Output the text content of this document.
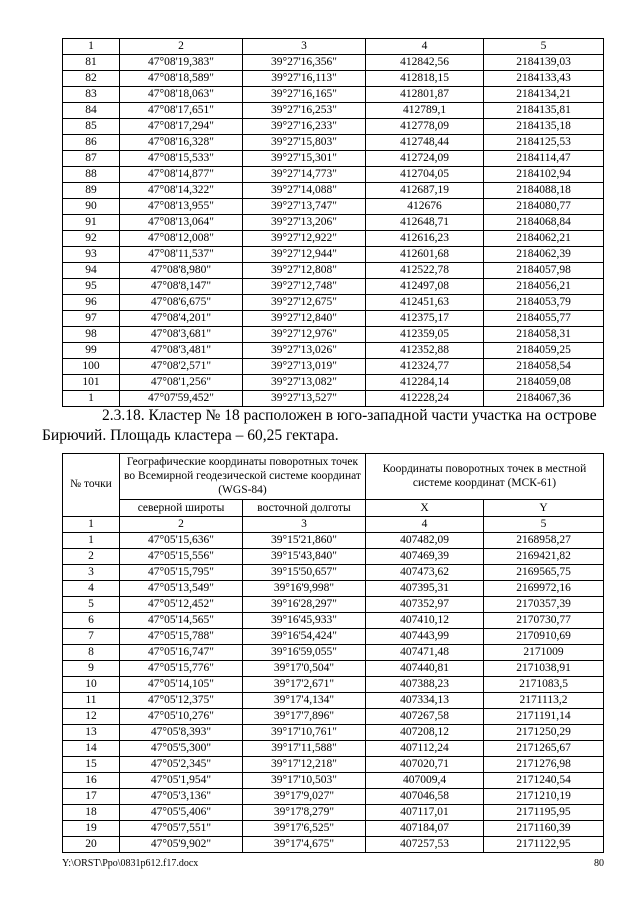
1	2	3	4	5
81	47°08'19,383"	39°27'16,356"	412842,56	2184139,03
82	47°08'18,589"	39°27'16,113"	412818,15	2184133,43
83	47°08'18,063"	39°27'16,165"	412801,87	2184134,21
84	47°08'17,651"	39°27'16,253"	412789,1	2184135,81
85	47°08'17,294"	39°27'16,233"	412778,09	2184135,18
86	47°08'16,328"	39°27'15,803"	412748,44	2184125,53
87	47°08'15,533"	39°27'15,301"	412724,09	2184114,47
88	47°08'14,877"	39°27'14,773"	412704,05	2184102,94
89	47°08'14,322"	39°27'14,088"	412687,19	2184088,18
90	47°08'13,955"	39°27'13,747"	412676	2184080,77
91	47°08'13,064"	39°27'13,206"	412648,71	2184068,84
92	47°08'12,008"	39°27'12,922"	412616,23	2184062,21
93	47°08'11,537"	39°27'12,944"	412601,68	2184062,39
94	47°08'8,980"	39°27'12,808"	412522,78	2184057,98
95	47°08'8,147"	39°27'12,748"	412497,08	2184056,21
96	47°08'6,675"	39°27'12,675"	412451,63	2184053,79
97	47°08'4,201"	39°27'12,840"	412375,17	2184055,77
98	47°08'3,681"	39°27'12,976"	412359,05	2184058,31
99	47°08'3,481"	39°27'13,026"	412352,88	2184059,25
100	47°08'2,571"	39°27'13,019"	412324,77	2184058,54
101	47°08'1,256"	39°27'13,082"	412284,14	2184059,08
1	47°07'59,452"	39°27'13,527"	412228,24	2184067,36
2.3.18. Кластер № 18 расположен в юго-западной части участка на острове
Бирючий. Площадь кластера – 60,25 гектара.
№ точки	Географические координаты поворотных точек во Всемирной геодезической системе координат (WGS-84)		Координаты поворотных точек в местной системе координат (МСК-61)	
	северной широты	восточной долготы	X	Y
1	2	3	4	5
1	47°05'15,636"	39°15'21,860"	407482,09	2168958,27
2	47°05'15,556"	39°15'43,840"	407469,39	2169421,82
3	47°05'15,795"	39°15'50,657"	407473,62	2169565,75
4	47°05'13,549"	39°16'9,998"	407395,31	2169972,16
5	47°05'12,452"	39°16'28,297"	407352,97	2170357,39
6	47°05'14,565"	39°16'45,933"	407410,12	2170730,77
7	47°05'15,788"	39°16'54,424"	407443,99	2170910,69
8	47°05'16,747"	39°16'59,055"	407471,48	2171009
9	47°05'15,776"	39°17'0,504"	407440,81	2171038,91
10	47°05'14,105"	39°17'2,671"	407388,23	2171083,5
11	47°05'12,375"	39°17'4,134"	407334,13	2171113,2
12	47°05'10,276"	39°17'7,896"	407267,58	2171191,14
13	47°05'8,393"	39°17'10,761"	407208,12	2171250,29
14	47°05'5,300"	39°17'11,588"	407112,24	2171265,67
15	47°05'2,345"	39°17'12,218"	407020,71	2171276,98
16	47°05'1,954"	39°17'10,503"	407009,4	2171240,54
17	47°05'3,136"	39°17'9,027"	407046,58	2171210,19
18	47°05'5,406"	39°17'8,279"	407117,01	2171195,95
19	47°05'7,551"	39°17'6,525"	407184,07	2171160,39
20	47°05'9,902"	39°17'4,675"	407257,53	2171122,95
Y:\ORST\Ppo\0831p612.f17.docx	80
